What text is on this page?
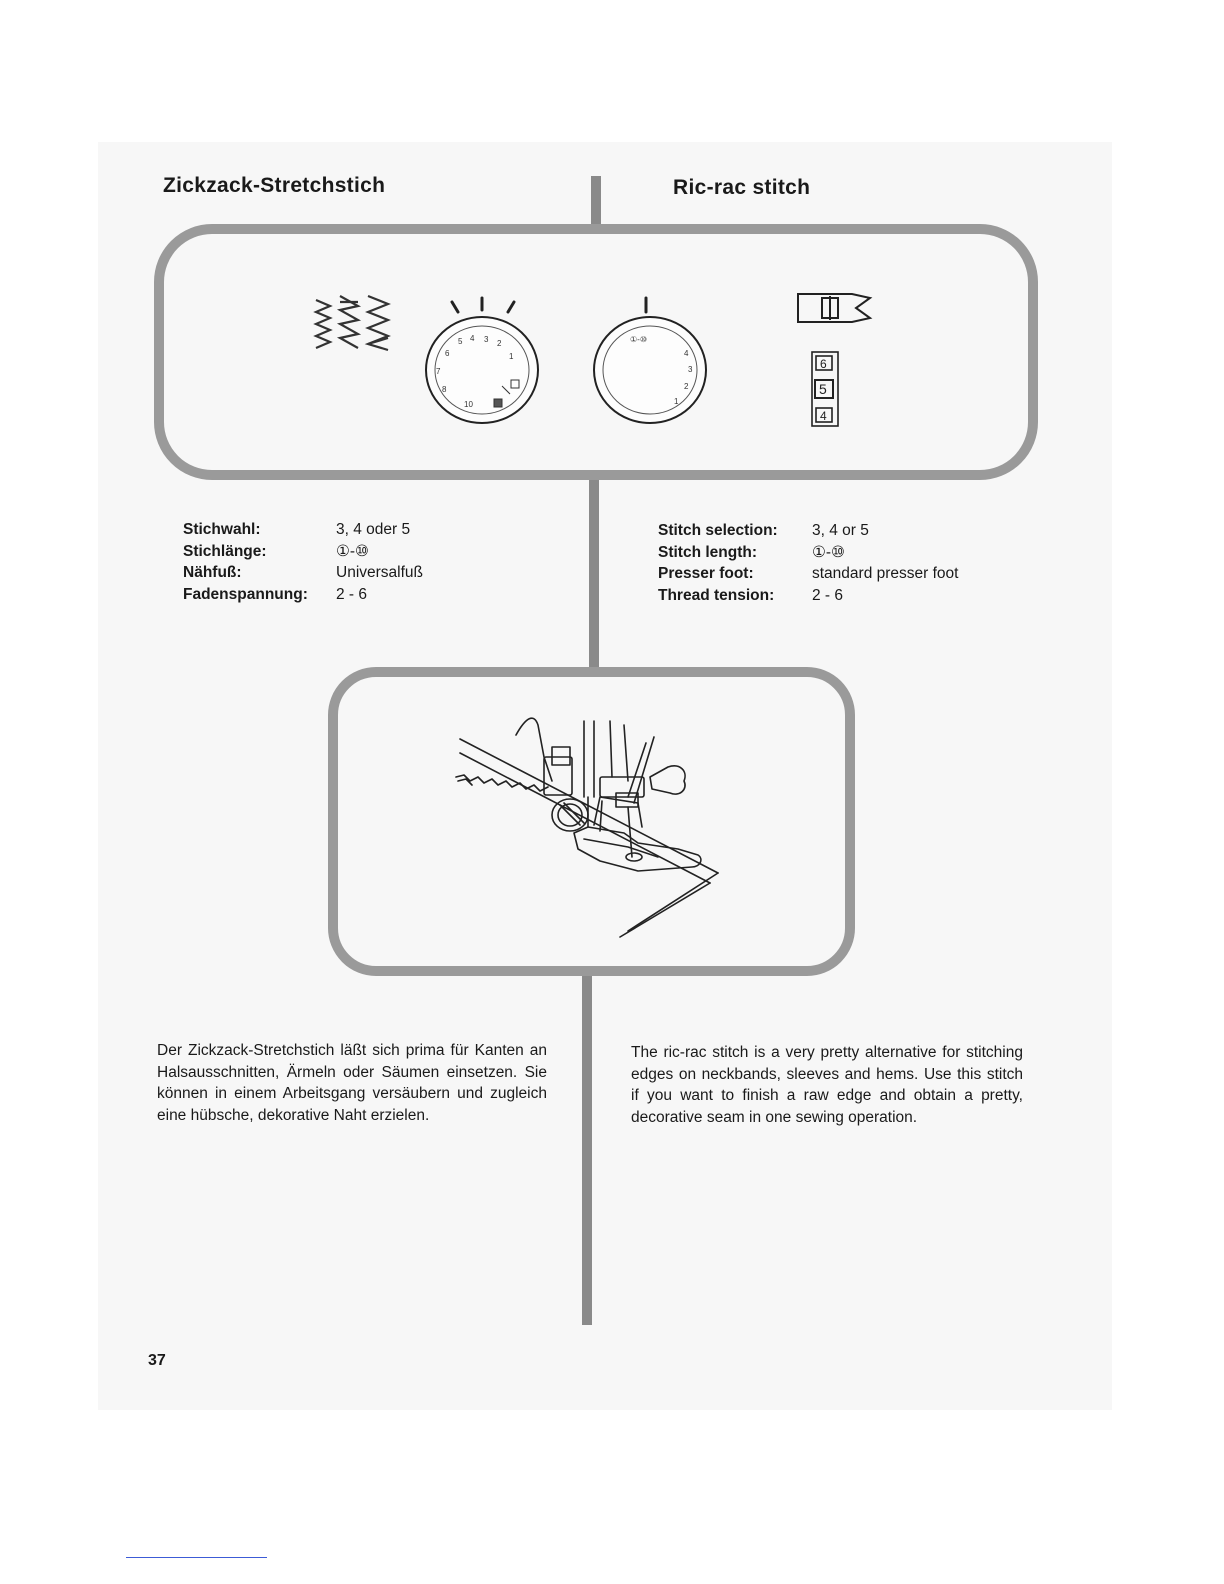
Zickzack-Stretchstich	Ric-rac stitch
5 4 3 2
1
6
7
8
10
①-⑩
4
3
2
1
6
5
4
Stichwahl:	3, 4 oder 5
Stichlänge:	①-⑩
Nähfuß:	Universalfuß
Fadenspannung: 2 - 6
Stitch selection: 3, 4 or 5
Stitch length:	①-⑩
Presser foot:	standard presser foot
Thread tension: 2 - 6
Der Zickzack-Stretchstich läßt sich prima für Kanten an Halsausschnitten, Ärmeln oder Säumen einsetzen. Sie können in einem Arbeitsgang versäubern und zugleich eine hübsche, dekorative Naht erzielen.
The ric-rac stitch is a very pretty alternative for stitching edges on neckbands, sleeves and hems. Use this stitch if you want to finish a raw edge and obtain a pretty, decorative seam in one sewing operation.
37
